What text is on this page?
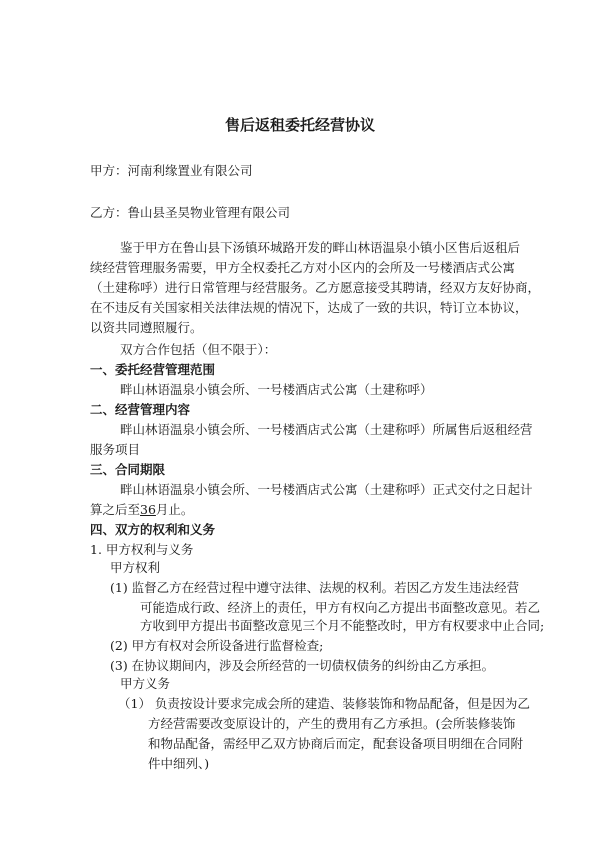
售后返租委托经营协议
甲方：河南利缘置业有限公司
乙方：鲁山县圣昊物业管理有限公司
鉴于甲方在鲁山县下汤镇环城路开发的畔山林语温泉小镇小区售后返租后
续经营管理服务需要，甲方全权委托乙方对小区内的会所及一号楼酒店式公寓
（土建称呼）进行日常管理与经营服务。乙方愿意接受其聘请，经双方友好协商，
在不违反有关国家相关法律法规的情况下，达成了一致的共识，特订立本协议，
以资共同遵照履行。
双方合作包括（但不限于）：
一、委托经营管理范围
畔山林语温泉小镇会所、一号楼酒店式公寓（土建称呼）
二、经营管理内容
畔山林语温泉小镇会所、一号楼酒店式公寓（土建称呼）所属售后返租经营
服务项目
三、合同期限
畔山林语温泉小镇会所、一号楼酒店式公寓（土建称呼）正式交付之日起计
算之后至36月止。
四、双方的权利和义务
1. 甲方权利与义务
甲方权利
(1) 监督乙方在经营过程中遵守法律、法规的权利。若因乙方发生违法经营
可能造成行政、经济上的责任，甲方有权向乙方提出书面整改意见。若乙
方收到甲方提出书面整改意见三个月不能整改时，甲方有权要求中止合同;
(2) 甲方有权对会所设备进行监督检查;
(3) 在协议期间内，涉及会所经营的一切债权债务的纠纷由乙方承担。
甲方义务
（1） 负责按设计要求完成会所的建造、装修装饰和物品配备，但是因为乙
方经营需要改变原设计的，产生的费用有乙方承担。(会所装修装饰
和物品配备，需经甲乙双方协商后而定，配套设备项目明细在合同附
件中细列、)
